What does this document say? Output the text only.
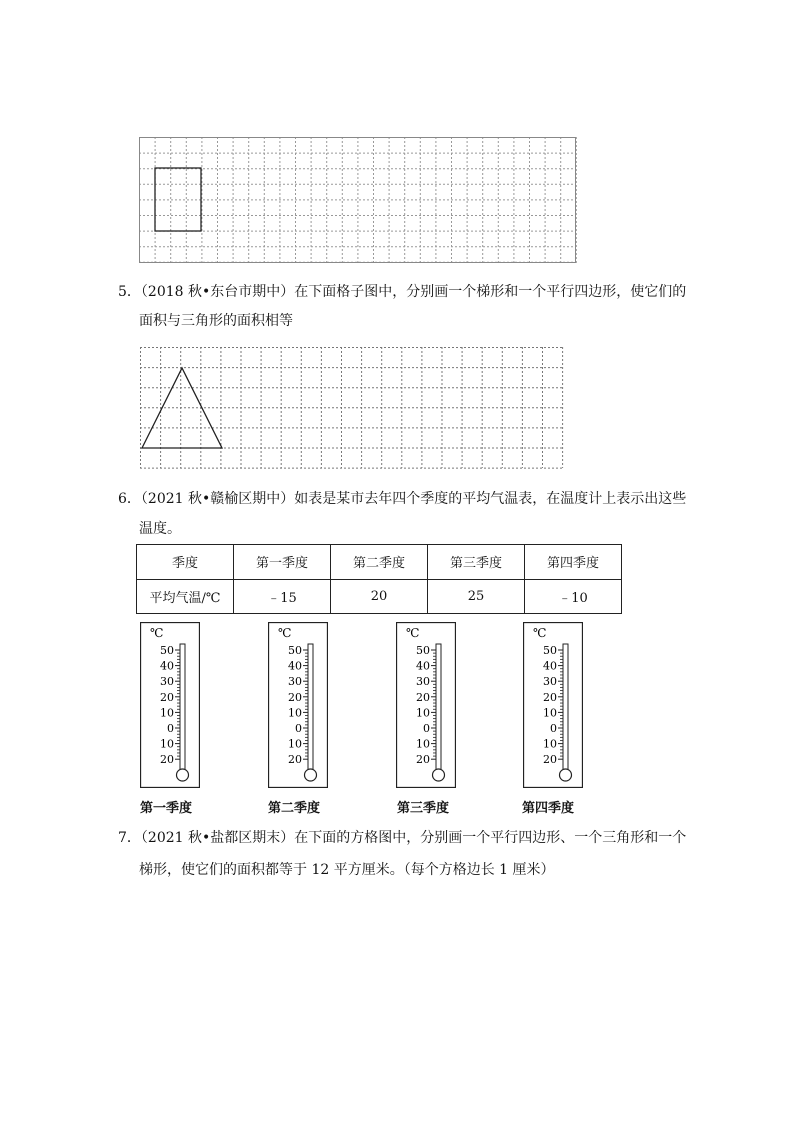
5．（2018 秋•东台市期中）在下面格子图中，分别画一个梯形和一个平行四边形，使它们的
面积与三角形的面积相等
6．（2021 秋•赣榆区期中）如表是某市去年四个季度的平均气温表，在温度计上表示出这些
温度。
季度	第一季度	第二季度	第三季度	第四季度
平均气温/℃	﹣15	20	25	﹣10
℃
50
40
30
20
10
0
10
20
℃
50
40
30
20
10
0
10
20
℃
50
40
30
20
10
0
10
20
℃
50
40
30
20
10
0
10
20
第一季度	第二季度	第三季度	第四季度
7．（2021 秋•盐都区期末）在下面的方格图中，分别画一个平行四边形、一个三角形和一个
梯形，使它们的面积都等于 12 平方厘米。（每个方格边长 1 厘米）
